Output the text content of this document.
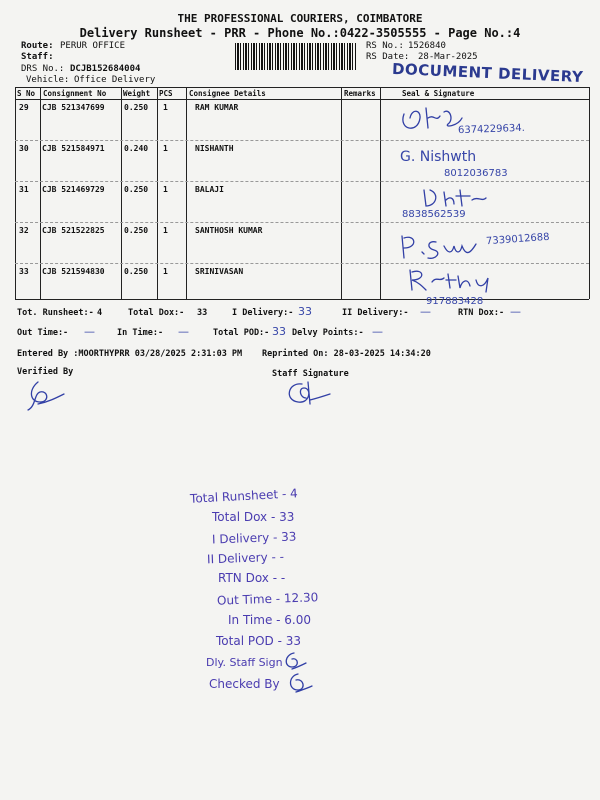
THE PROFESSIONAL COURIERS, COIMBATORE
Delivery Runsheet - PRR - Phone No.:0422-3505555 - Page No.:4
Route: PERUR OFFICE
Staff:
DRS No.: DCJB152684004
Vehicle: Office Delivery
RS No.: 1526840
RS Date: 28-Mar-2025
DOCUMENT DELIVERY
S No Consignment No Weight PCS Consignee Details	Remarks	Seal & Signature
29 CJB 521347699 0.250 1	RAM KUMAR
6374229634.
30 CJB 521584971 0.240 1	NISHANTH
G. Nishwth
8012036783
31 CJB 521469729 0.250 1	BALAJI
8838562539
32 CJB 521522825 0.250 1	SANTHOSH KUMAR
7339012688
33 CJB 521594830 0.250 1	SRINIVASAN
917883428
Tot. Runsheet:- 4	Total Dox:- 33	I Delivery:- 33	II Delivery:- —	RTN Dox:- —
Out Time:- —	In Time:- —	Total POD:- 33 Delvy Points:- —
Entered By :MOORTHYPRR 03/28/2025 2:31:03 PM Reprinted On: 28-03-2025 14:34:20
Verified By	Staff Signature
Total Runsheet - 4
Total Dox - 33
I Delivery - 33
II Delivery - -
RTN Dox - -
Out Time - 12.30
In Time - 6.00
Total POD - 33
Dly. Staff Sign
Checked By
